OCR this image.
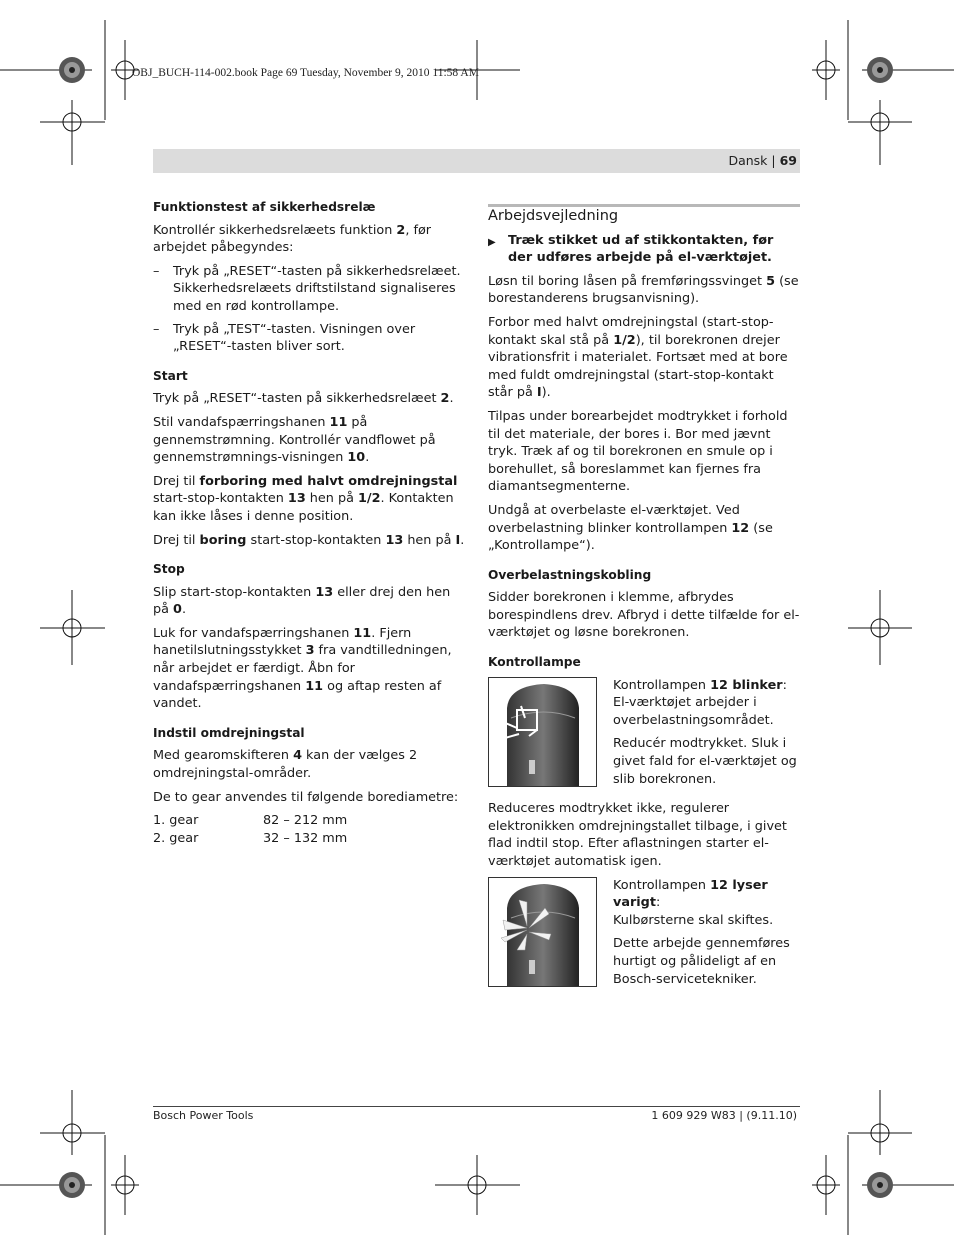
OBJ_BUCH-114-002.book Page 69 Tuesday, November 9, 2010 11:58 AM
Dansk | 69
Funktionstest af sikkerhedsrelæ

Kontrollér sikkerhedsrelæets funktion 2, før arbejdet påbegyndes:

–	Tryk på „RESET“-tasten på sikkerhedsrelæet. Sikkerhedsrelæets driftstilstand signaliseres med en rød kontrollampe.
–	Tryk på „TEST“-tasten. Visningen over „RESET“-tasten bliver sort.
Start

Tryk på „RESET“-tasten på sikkerhedsrelæet 2.

Stil vandafspærringshanen 11 på gennemstrømning. Kontrollér vandflowet på gennemstrømnings-visningen 10.

Drej til forboring med halvt omdrejningstal start-stop-kontakten 13 hen på 1/2. Kontakten kan ikke låses i denne position.

Drej til boring start-stop-kontakten 13 hen på I.

Stop

Slip start-stop-kontakten 13 eller drej den hen på 0.

Luk for vandafspærringshanen 11. Fjern hanetilslutningsstykket 3 fra vandtilledningen, når arbejdet er færdigt. Åbn for vandafspærringshanen 11 og aftap resten af vandet.

Indstil omdrejningstal

Med gearomskifteren 4 kan der vælges 2 omdrejningstal-områder.

De to gear anvendes til følgende borediametre:

1. gear	82 – 212 mm
2. gear	32 – 132 mm
Arbejdsvejledning
▶ Træk stikket ud af stikkontakten, før der udføres arbejde på el-værktøjet.

Løsn til boring låsen på fremføringssvinget 5 (se borestanderens brugsanvisning).

Forbor med halvt omdrejningstal (start-stop-kontakt skal stå på 1/2), til borekronen drejer vibrationsfrit i materialet. Fortsæt med at bore med fuldt omdrejningstal (start-stop-kontakt står på I).

Tilpas under borearbejdet modtrykket i forhold til det materiale, der bores i. Bor med jævnt tryk. Træk af og til borekronen en smule op i borehullet, så boreslammet kan fjernes fra diamantsegmenterne.

Undgå at overbelaste el-værktøjet. Ved overbelastning blinker kontrollampen 12 (se „Kontrollampe“).

Overbelastningskobling

Sidder borekronen i klemme, afbrydes borespindlens drev. Afbryd i dette tilfælde for el-værktøjet og løsne borekronen.

Kontrollampe

Kontrollampen 12 blinker:
El-værktøjet arbejder i overbelastningsområdet.

Reducér modtrykket. Sluk i givet fald for el-værktøjet og slib borekronen.

Reduceres modtrykket ikke, regulerer elektronikken omdrejningstallet tilbage, i givet flad indtil stop. Efter aflastningen starter el-værktøjet automatisk igen.

Kontrollampen 12 lyser varigt:
Kulbørsterne skal skiftes.

Dette arbejde gennemføres hurtigt og pålideligt af en Bosch-servicetekniker.

Bosch Power Tools	1 609 929 W83 | (9.11.10)
